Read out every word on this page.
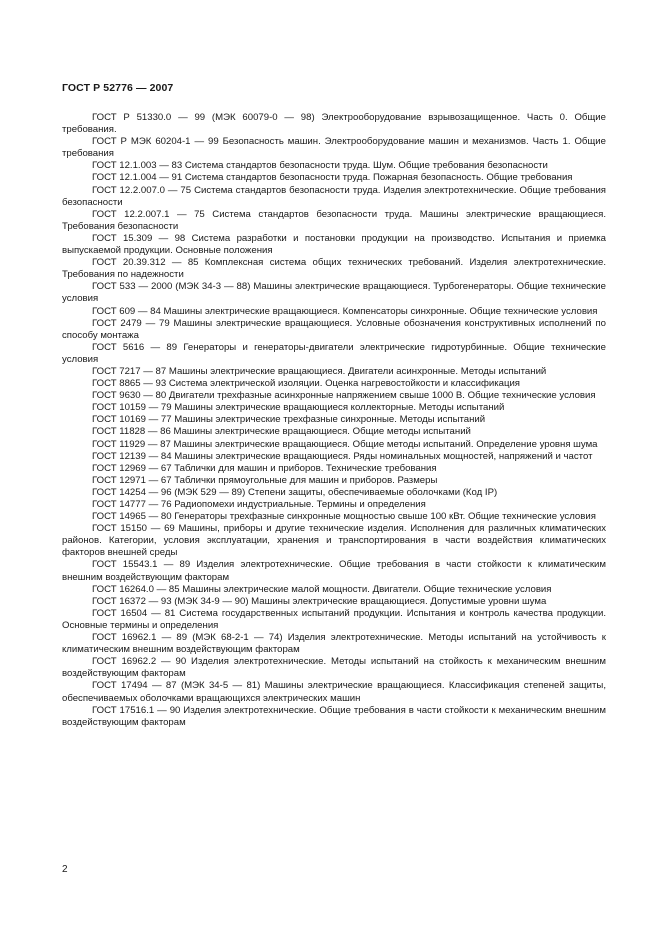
ГОСТ Р 52776 — 2007

ГОСТ Р 51330.0 — 99 (МЭК 60079-0 — 98) Электрооборудование взрывозащищенное. Часть 0. Общие требования.

ГОСТ Р МЭК 60204-1 — 99 Безопасность машин. Электрооборудование машин и механизмов. Часть 1. Общие требования

ГОСТ 12.1.003 — 83 Система стандартов безопасности труда. Шум. Общие требования безопасности

ГОСТ 12.1.004 — 91 Система стандартов безопасности труда. Пожарная безопасность. Общие требования

ГОСТ 12.2.007.0 — 75 Система стандартов безопасности труда. Изделия электротехнические. Общие требования безопасности

ГОСТ 12.2.007.1 — 75 Система стандартов безопасности труда. Машины электрические вращающиеся. Требования безопасности

ГОСТ 15.309 — 98 Система разработки и постановки продукции на производство. Испытания и приемка выпускаемой продукции. Основные положения

ГОСТ 20.39.312 — 85 Комплексная система общих технических требований. Изделия электротехнические. Требования по надежности

ГОСТ 533 — 2000 (МЭК 34-3 — 88) Машины электрические вращающиеся. Турбогенераторы. Общие технические условия

ГОСТ 609 — 84 Машины электрические вращающиеся. Компенсаторы синхронные. Общие технические условия

ГОСТ 2479 — 79 Машины электрические вращающиеся. Условные обозначения конструктивных исполнений по способу монтажа

ГОСТ 5616 — 89 Генераторы и генераторы-двигатели электрические гидротурбинные. Общие технические условия

ГОСТ 7217 — 87 Машины электрические вращающиеся. Двигатели асинхронные. Методы испытаний

ГОСТ 8865 — 93 Система электрической изоляции. Оценка нагревостойкости и классификация

ГОСТ 9630 — 80 Двигатели трехфазные асинхронные напряжением свыше 1000 В. Общие технические условия

ГОСТ 10159 — 79 Машины электрические вращающиеся коллекторные. Методы испытаний

ГОСТ 10169 — 77 Машины электрические трехфазные синхронные. Методы испытаний

ГОСТ 11828 — 86 Машины электрические вращающиеся. Общие методы испытаний

ГОСТ 11929 — 87 Машины электрические вращающиеся. Общие методы испытаний. Определение уровня шума

ГОСТ 12139 — 84 Машины электрические вращающиеся. Ряды номинальных мощностей, напряжений и частот

ГОСТ 12969 — 67 Таблички для машин и приборов. Технические требования

ГОСТ 12971 — 67 Таблички прямоугольные для машин и приборов. Размеры

ГОСТ 14254 — 96 (МЭК 529 — 89) Степени защиты, обеспечиваемые оболочками (Код IP)

ГОСТ 14777 — 76 Радиопомехи индустриальные. Термины и определения

ГОСТ 14965 — 80 Генераторы трехфазные синхронные мощностью свыше 100 кВт. Общие технические условия

ГОСТ 15150 — 69 Машины, приборы и другие технические изделия. Исполнения для различных климатических районов. Категории, условия эксплуатации, хранения и транспортирования в части воздействия климатических факторов внешней среды

ГОСТ 15543.1 — 89 Изделия электротехнические. Общие требования в части стойкости к климатическим внешним воздействующим факторам

ГОСТ 16264.0 — 85 Машины электрические малой мощности. Двигатели. Общие технические условия

ГОСТ 16372 — 93 (МЭК 34-9 — 90) Машины электрические вращающиеся. Допустимые уровни шума

ГОСТ 16504 — 81 Система государственных испытаний продукции. Испытания и контроль качества продукции. Основные термины и определения

ГОСТ 16962.1 — 89 (МЭК 68-2-1 — 74) Изделия электротехнические. Методы испытаний на устойчивость к климатическим внешним воздействующим факторам

ГОСТ 16962.2 — 90 Изделия электротехнические. Методы испытаний на стойкость к механическим внешним воздействующим факторам

ГОСТ 17494 — 87 (МЭК 34-5 — 81) Машины электрические вращающиеся. Классификация степеней защиты, обеспечиваемых оболочками вращающихся электрических машин

ГОСТ 17516.1 — 90 Изделия электротехнические. Общие требования в части стойкости к механическим внешним воздействующим факторам

2
